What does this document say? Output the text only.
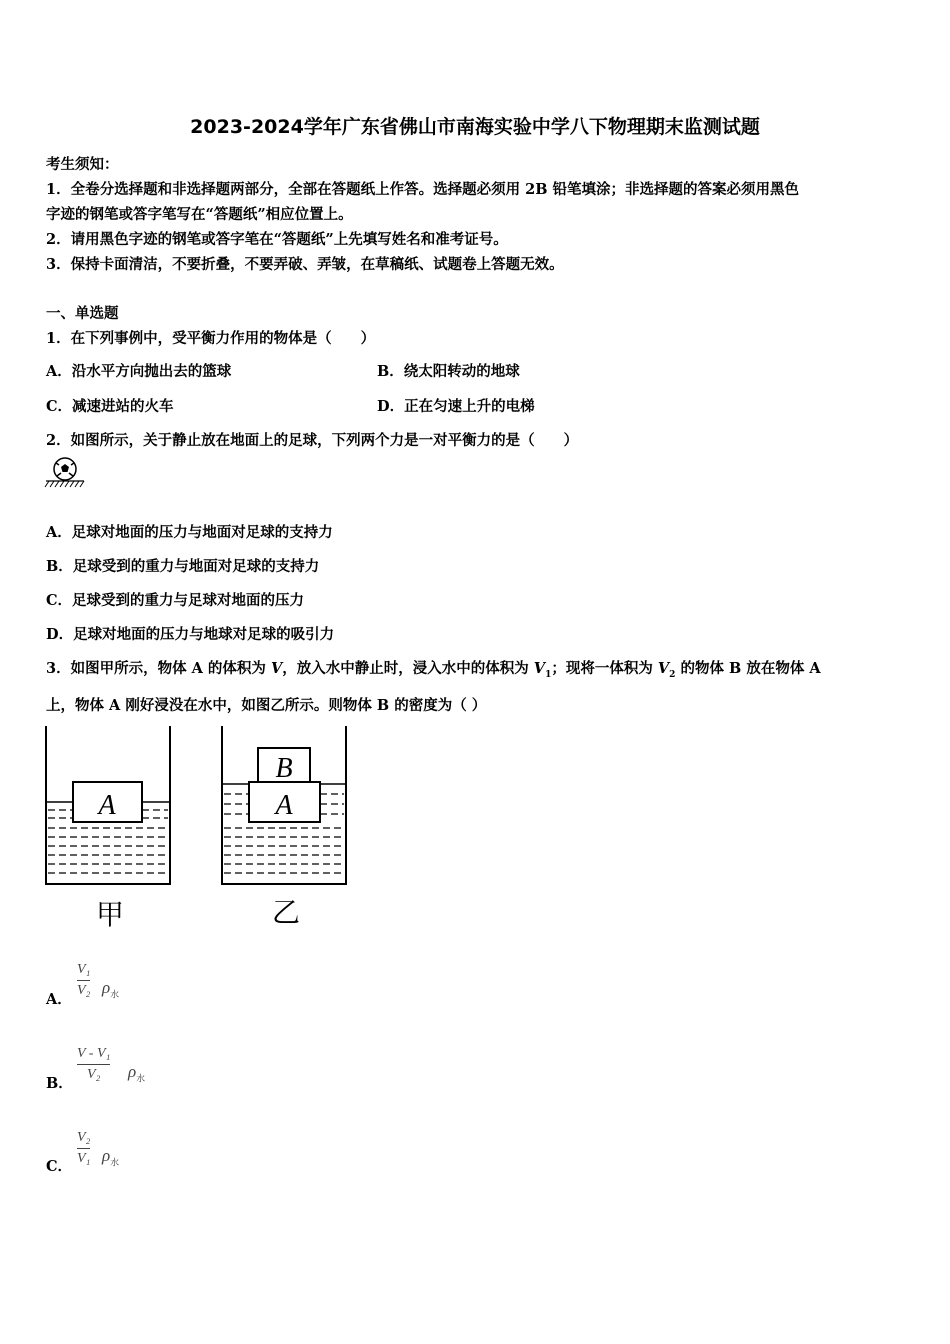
2023-2024学年广东省佛山市南海实验中学八下物理期末监测试题
考生须知：
1．全卷分选择题和非选择题两部分，全部在答题纸上作答。选择题必须用 2B 铅笔填涂；非选择题的答案必须用黑色
字迹的钢笔或答字笔写在“答题纸”相应位置上。
2．请用黑色字迹的钢笔或答字笔在“答题纸”上先填写姓名和准考证号。
3．保持卡面清洁，不要折叠，不要弄破、弄皱，在草稿纸、试题卷上答题无效。
一、单选题
1．在下列事例中，受平衡力作用的物体是（　　）
A．沿水平方向抛出去的篮球	B．绕太阳转动的地球
C．减速进站的火车	D．正在匀速上升的电梯
2．如图所示，关于静止放在地面上的足球，下列两个力是一对平衡力的是（　　）
A．足球对地面的压力与地面对足球的支持力
B．足球受到的重力与地面对足球的支持力
C．足球受到的重力与足球对地面的压力
D．足球对地面的压力与地球对足球的吸引力
3．如图甲所示，物体 A 的体积为 V，放入水中静止时，浸入水中的体积为 $V_1$；现将一体积为 $V_2$ 的物体 B 放在物体 A
上，物体 A 刚好浸没在水中，如图乙所示。则物体 B 的密度为（ ）
A	A
B
甲	乙
A．
V₁
V₂ $\rho_水$
B．
V - V₁
V₂	$\rho_水$
C．
V₂
V₁ $\rho_水$
